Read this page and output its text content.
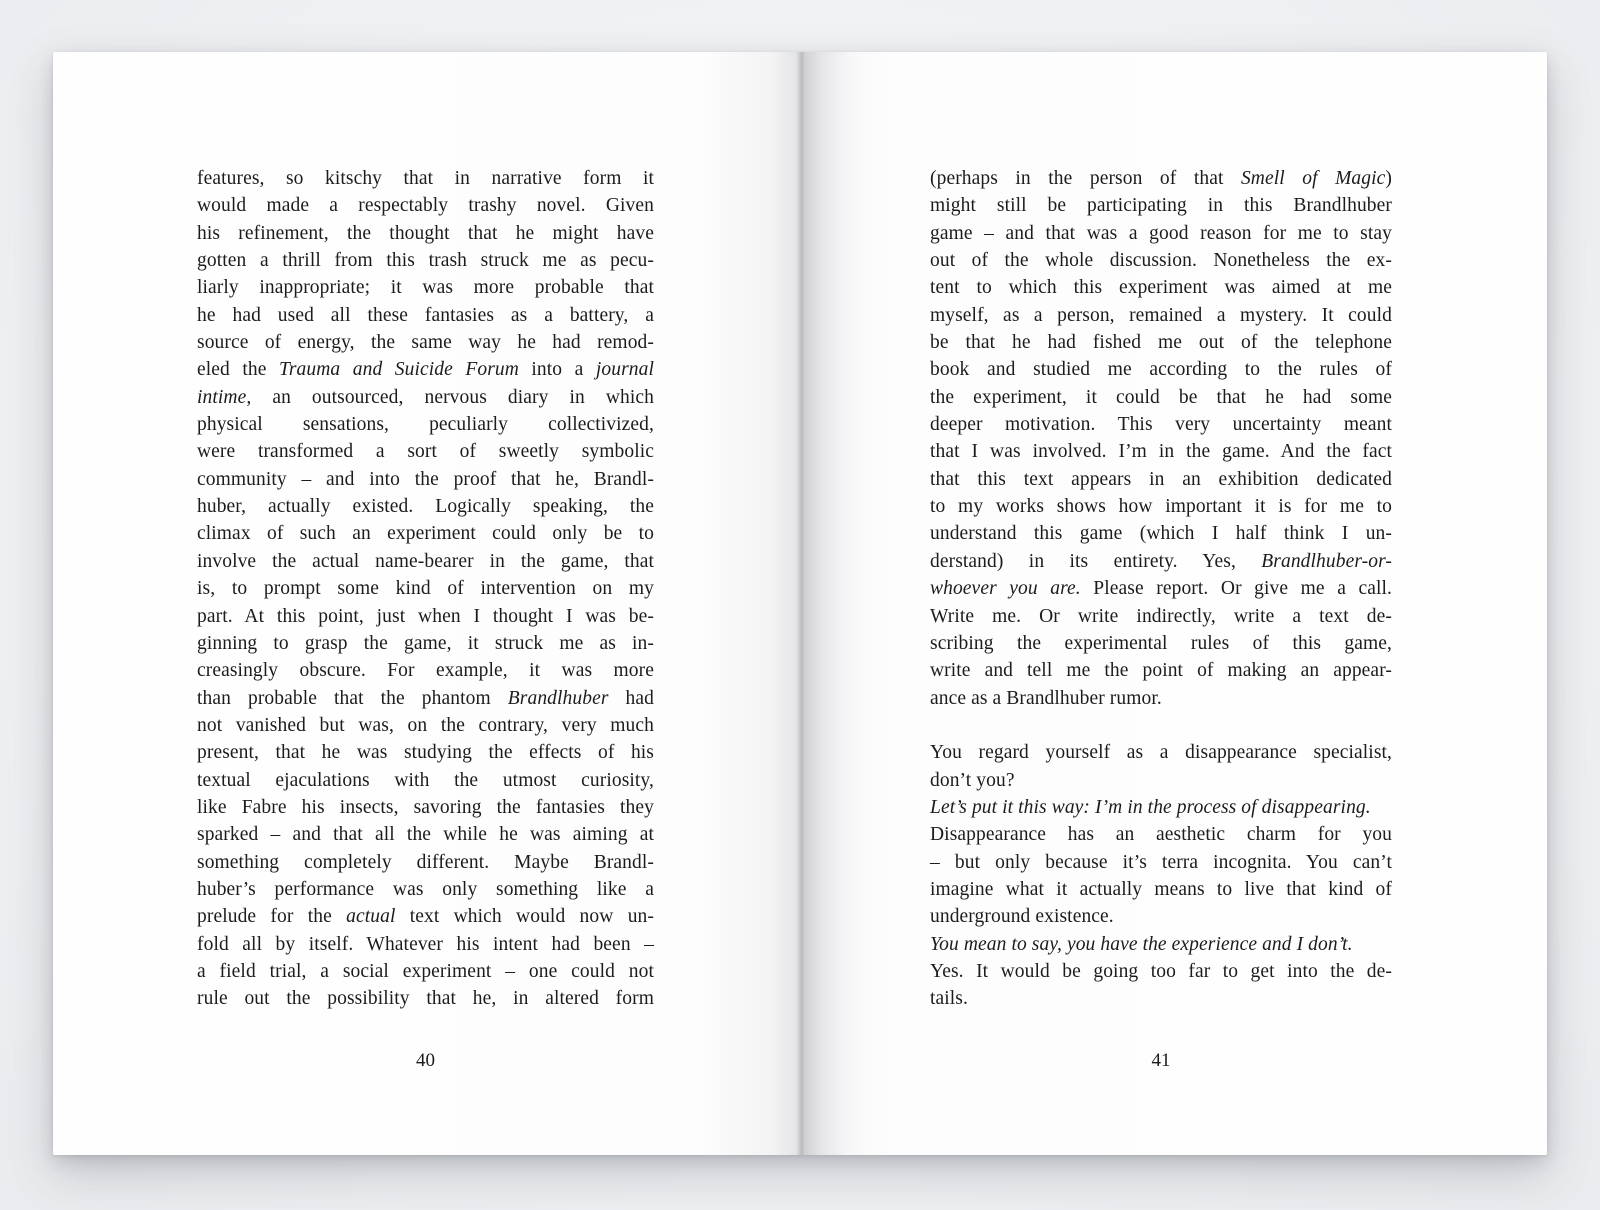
features, so kitschy that in narrative form it
would made a respectably trashy novel. Given
his refinement, the thought that he might have
gotten a thrill from this trash struck me as pecu-
liarly inappropriate; it was more probable that
he had used all these fantasies as a battery, a
source of energy, the same way he had remod-
eled the Trauma and Suicide Forum into a journal
intime, an outsourced, nervous diary in which
physical sensations, peculiarly collectivized,
were transformed a sort of sweetly symbolic
community – and into the proof that he, Brandl-
huber, actually existed. Logically speaking, the
climax of such an experiment could only be to
involve the actual name-bearer in the game, that
is, to prompt some kind of intervention on my
part. At this point, just when I thought I was be-
ginning to grasp the game, it struck me as in-
creasingly obscure. For example, it was more
than probable that the phantom Brandlhuber had
not vanished but was, on the contrary, very much
present, that he was studying the effects of his
textual ejaculations with the utmost curiosity,
like Fabre his insects, savoring the fantasies they
sparked – and that all the while he was aiming at
something completely different. Maybe Brandl-
huber’s performance was only something like a
prelude for the actual text which would now un-
fold all by itself. Whatever his intent had been –
a field trial, a social experiment – one could not
rule out the possibility that he, in altered form
40
(perhaps in the person of that Smell of Magic)
might still be participating in this Brandlhuber
game – and that was a good reason for me to stay
out of the whole discussion. Nonetheless the ex-
tent to which this experiment was aimed at me
myself, as a person, remained a mystery. It could
be that he had fished me out of the telephone
book and studied me according to the rules of
the experiment, it could be that he had some
deeper motivation. This very uncertainty meant
that I was involved. I’m in the game. And the fact
that this text appears in an exhibition dedicated
to my works shows how important it is for me to
understand this game (which I half think I un-
derstand) in its entirety. Yes, Brandlhuber-or-
whoever you are. Please report. Or give me a call.
Write me. Or write indirectly, write a text de-
scribing the experimental rules of this game,
write and tell me the point of making an appear-
ance as a Brandlhuber rumor.
You regard yourself as a disappearance specialist,
don’t you?
Let’s put it this way: I’m in the process of disappearing.
Disappearance has an aesthetic charm for you
– but only because it’s terra incognita. You can’t
imagine what it actually means to live that kind of
underground existence.
You mean to say, you have the experience and I don’t.
Yes. It would be going too far to get into the de-
tails.
41
